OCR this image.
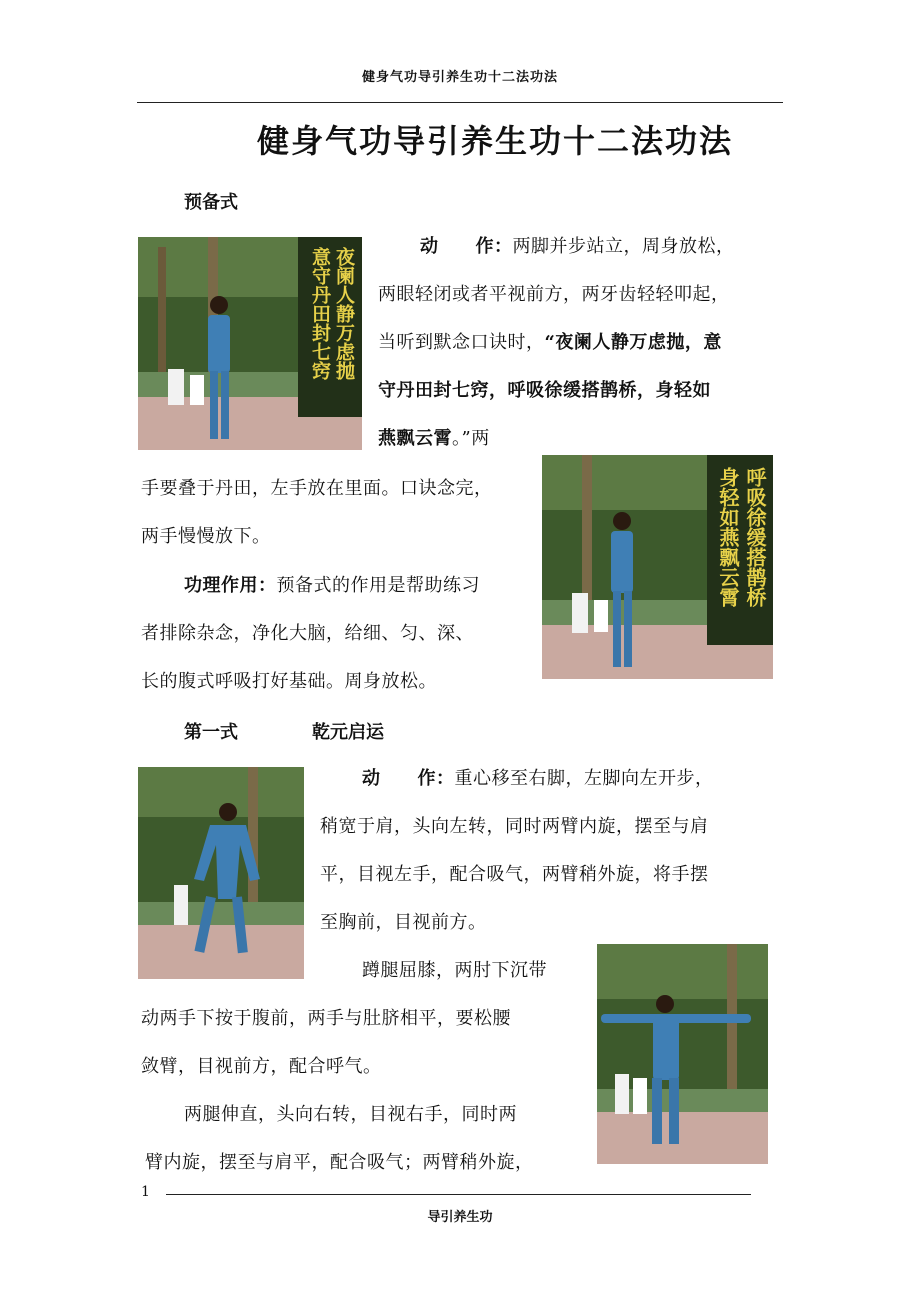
健身气功导引养生功十二法功法
健身气功导引养生功十二法功法
预备式
夜阑人静万虑抛
意守丹田封七窍
动　　作：两脚并步站立，周身放松，
两眼轻闭或者平视前方，两牙齿轻轻叩起，
当听到默念口诀时，“夜阑人静万虑抛，意
守丹田封七窍，呼吸徐缓搭鹊桥，身轻如
燕飘云霄。”两
手要叠于丹田，左手放在里面。口诀念完，
两手慢慢放下。	呼吸徐缓搭鹊桥
身轻如燕飘云霄
功理作用：预备式的作用是帮助练习
者排除杂念，净化大脑，给细、匀、深、
长的腹式呼吸打好基础。周身放松。
第一式	乾元启运
动　　作：重心移至右脚，左脚向左开步，
稍宽于肩，头向左转，同时两臂内旋，摆至与肩
平，目视左手，配合吸气，两臂稍外旋，将手摆
至胸前，目视前方。
蹲腿屈膝，两肘下沉带
动两手下按于腹前，两手与肚脐相平，要松腰
敛臂，目视前方，配合呼气。
两腿伸直，头向右转，目视右手，同时两
臂内旋，摆至与肩平，配合吸气；两臂稍外旋，
1
导引养生功
